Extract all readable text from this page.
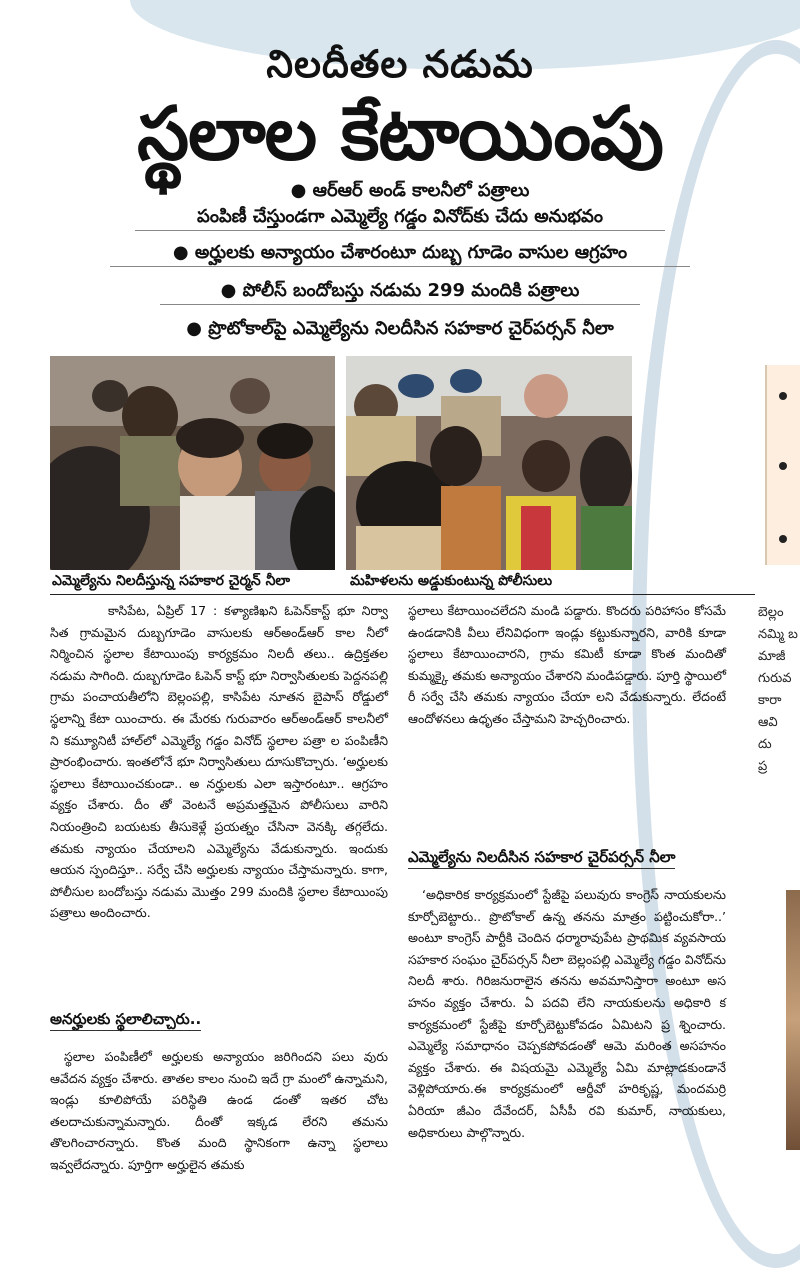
బెల్లం
నమ్మి బ
మాజీ
గురువ
కారా
ఆవి
దు
ప్ర
నిలదీతల నడుమ
స్థలాల కేటాయింపు
● ఆర్‌ఆర్‌ అండ్‌ కాలనీలో పత్రాలు
పంపిణీ చేస్తుండగా ఎమ్మెల్యే గడ్డం వినోద్‌కు చేదు అనుభవం
● అర్హులకు అన్యాయం చేశారంటూ దుబ్బ గూడెం వాసుల ఆగ్రహం
● పోలీస్‌ బందోబస్తు నడుమ 299 మందికి పత్రాలు
● ప్రొటోకాల్‌పై ఎమ్మెల్యేను నిలదీసిన సహకార చైర్‌పర్సన్‌ నీలా
ఎమ్మెల్యేను నిలదీస్తున్న సహకార చైర్మన్‌ నీలా	మహిళలను అడ్డుకుంటున్న పోలీసులు

కాసిపేట, ఏప్రిల్‌ 17 : కళ్యాణిఖని ఓపెన్‌కాస్ట్‌ భూ నిర్వా సిత గ్రామమైన దుబ్బగూడెం వాసులకు ఆర్‌అండ్‌ఆర్‌ కాల నీలో నిర్మించిన స్థలాల కేటాయింపు కార్యక్రమం నిలదీ తలు.. ఉద్రిక్తతల నడుమ సాగింది. దుబ్బగూడెం ఓపెన్‌ కాస్ట్‌ భూ నిర్వాసితులకు పెద్దనపల్లి గ్రామ పంచాయతీలోని బెల్లంపల్లి, కాసిపేట నూతన బైపాస్‌ రోడ్డులో స్థలాన్ని కేటా యించారు. ఈ మేరకు గురువారం ఆర్‌అండ్‌ఆర్‌ కాలనీలో ని కమ్యూనిటీ హాల్‌లో ఎమ్మెల్యే గడ్డం వినోద్‌ స్థలాల పత్రా ల పంపిణీని ప్రారంభించారు. ఇంతలోనే భూ నిర్వాసితులు దూసుకొచ్చారు. ‘అర్హులకు స్థలాలు కేటాయించకుండా.. అ నర్హులకు ఎలా ఇస్తారంటూ.. ఆగ్రహం వ్యక్తం చేశారు. దీం తో వెంటనే అప్రమత్తమైన పోలీసులు వారిని నియంత్రించి బయటకు తీసుకెళ్లే ప్రయత్నం చేసినా వెనక్కి తగ్గలేదు. తమకు న్యాయం చేయాలని ఎమ్మెల్యేను వేడుకున్నారు. ఇందుకు ఆయన స్పందిస్తూ.. సర్వే చేసి అర్హులకు న్యాయం చేస్తామన్నారు. కాగా, పోలీసుల బందోబస్తు నడుమ మొత్తం 299 మందికి స్థలాల కేటాయింపు పత్రాలు అందించారు.

అనర్హులకు స్థలాలిచ్చారు..

స్థలాల పంపిణీలో అర్హులకు అన్యాయం జరిగిందని పలు వురు ఆవేదన వ్యక్తం చేశారు. తాతల కాలం నుంచి ఇదే గ్రా మంలో ఉన్నామని, ఇండ్లు కూలిపోయే పరిస్థితి ఉండ డంతో ఇతర చోట తలదాచుకున్నామన్నారు. దీంతో ఇక్కడ లేరని తమను తొలగించారన్నారు. కొంత మంది స్థానికంగా ఉన్నా స్థలాలు ఇవ్వలేదన్నారు. పూర్తిగా అర్హులైన తమకు

స్థలాలు కేటాయించలేదని మండి పడ్డారు. కొందరు పరిహాసం కోసమే ఉండడానికి వీలు లేనివిధంగా ఇండ్లు కట్టుకున్నారని, వారికి కూడా స్థలాలు కేటాయించారని, గ్రామ కమిటీ కూడా కొంత మందితో కుమ్మక్కై తమకు అన్యాయం చేశారని మండిపడ్డారు. పూర్తి స్థాయిలో రీ సర్వే చేసి తమకు న్యాయం చేయా లని వేడుకున్నారు. లేదంటే ఆందోళనలు ఉధృతం చేస్తామని హెచ్చరించారు.

ఎమ్మెల్యేను నిలదీసిన సహకార చైర్‌పర్సన్‌ నీలా

‘అధికారిక కార్యక్రమంలో స్టేజీపై పలువురు కాంగ్రెస్‌ నాయకులను కూర్చోబెట్టారు.. ప్రొటోకాల్‌ ఉన్న తనను మాత్రం పట్టించుకోరా..’ అంటూ కాంగ్రెస్‌ పార్టీకి చెందిన ధర్మారావుపేట ప్రాథమిక వ్యవసాయ సహకార సంఘం చైర్‌పర్సన్‌ నీలా బెల్లంపల్లి ఎమ్మెల్యే గడ్డం వినోద్‌ను నిలదీ శారు. గిరిజనురాలైన తనను అవమానిస్తారా అంటూ అస హనం వ్యక్తం చేశారు. ఏ పదవి లేని నాయకులను అధికారి క కార్యక్రమంలో స్టేజీపై కూర్చోబెట్టుకోవడం ఏమిటని ప్ర శ్నించారు. ఎమ్మెల్యే సమాధానం చెప్పకపోవడంతో ఆమె మరింత అసహనం వ్యక్తం చేశారు. ఈ విషయమై ఎమ్మెల్యే ఏమి మాట్లాడకుండానే వెళ్లిపోయారు.ఈ కార్యక్రమంలో ఆర్డీవో హరికృష్ణ, మందమర్రి ఏరియా జీఎం దేవేందర్‌, ఏసీపీ రవి కుమార్‌, నాయకులు, అధికారులు పాల్గొన్నారు.
